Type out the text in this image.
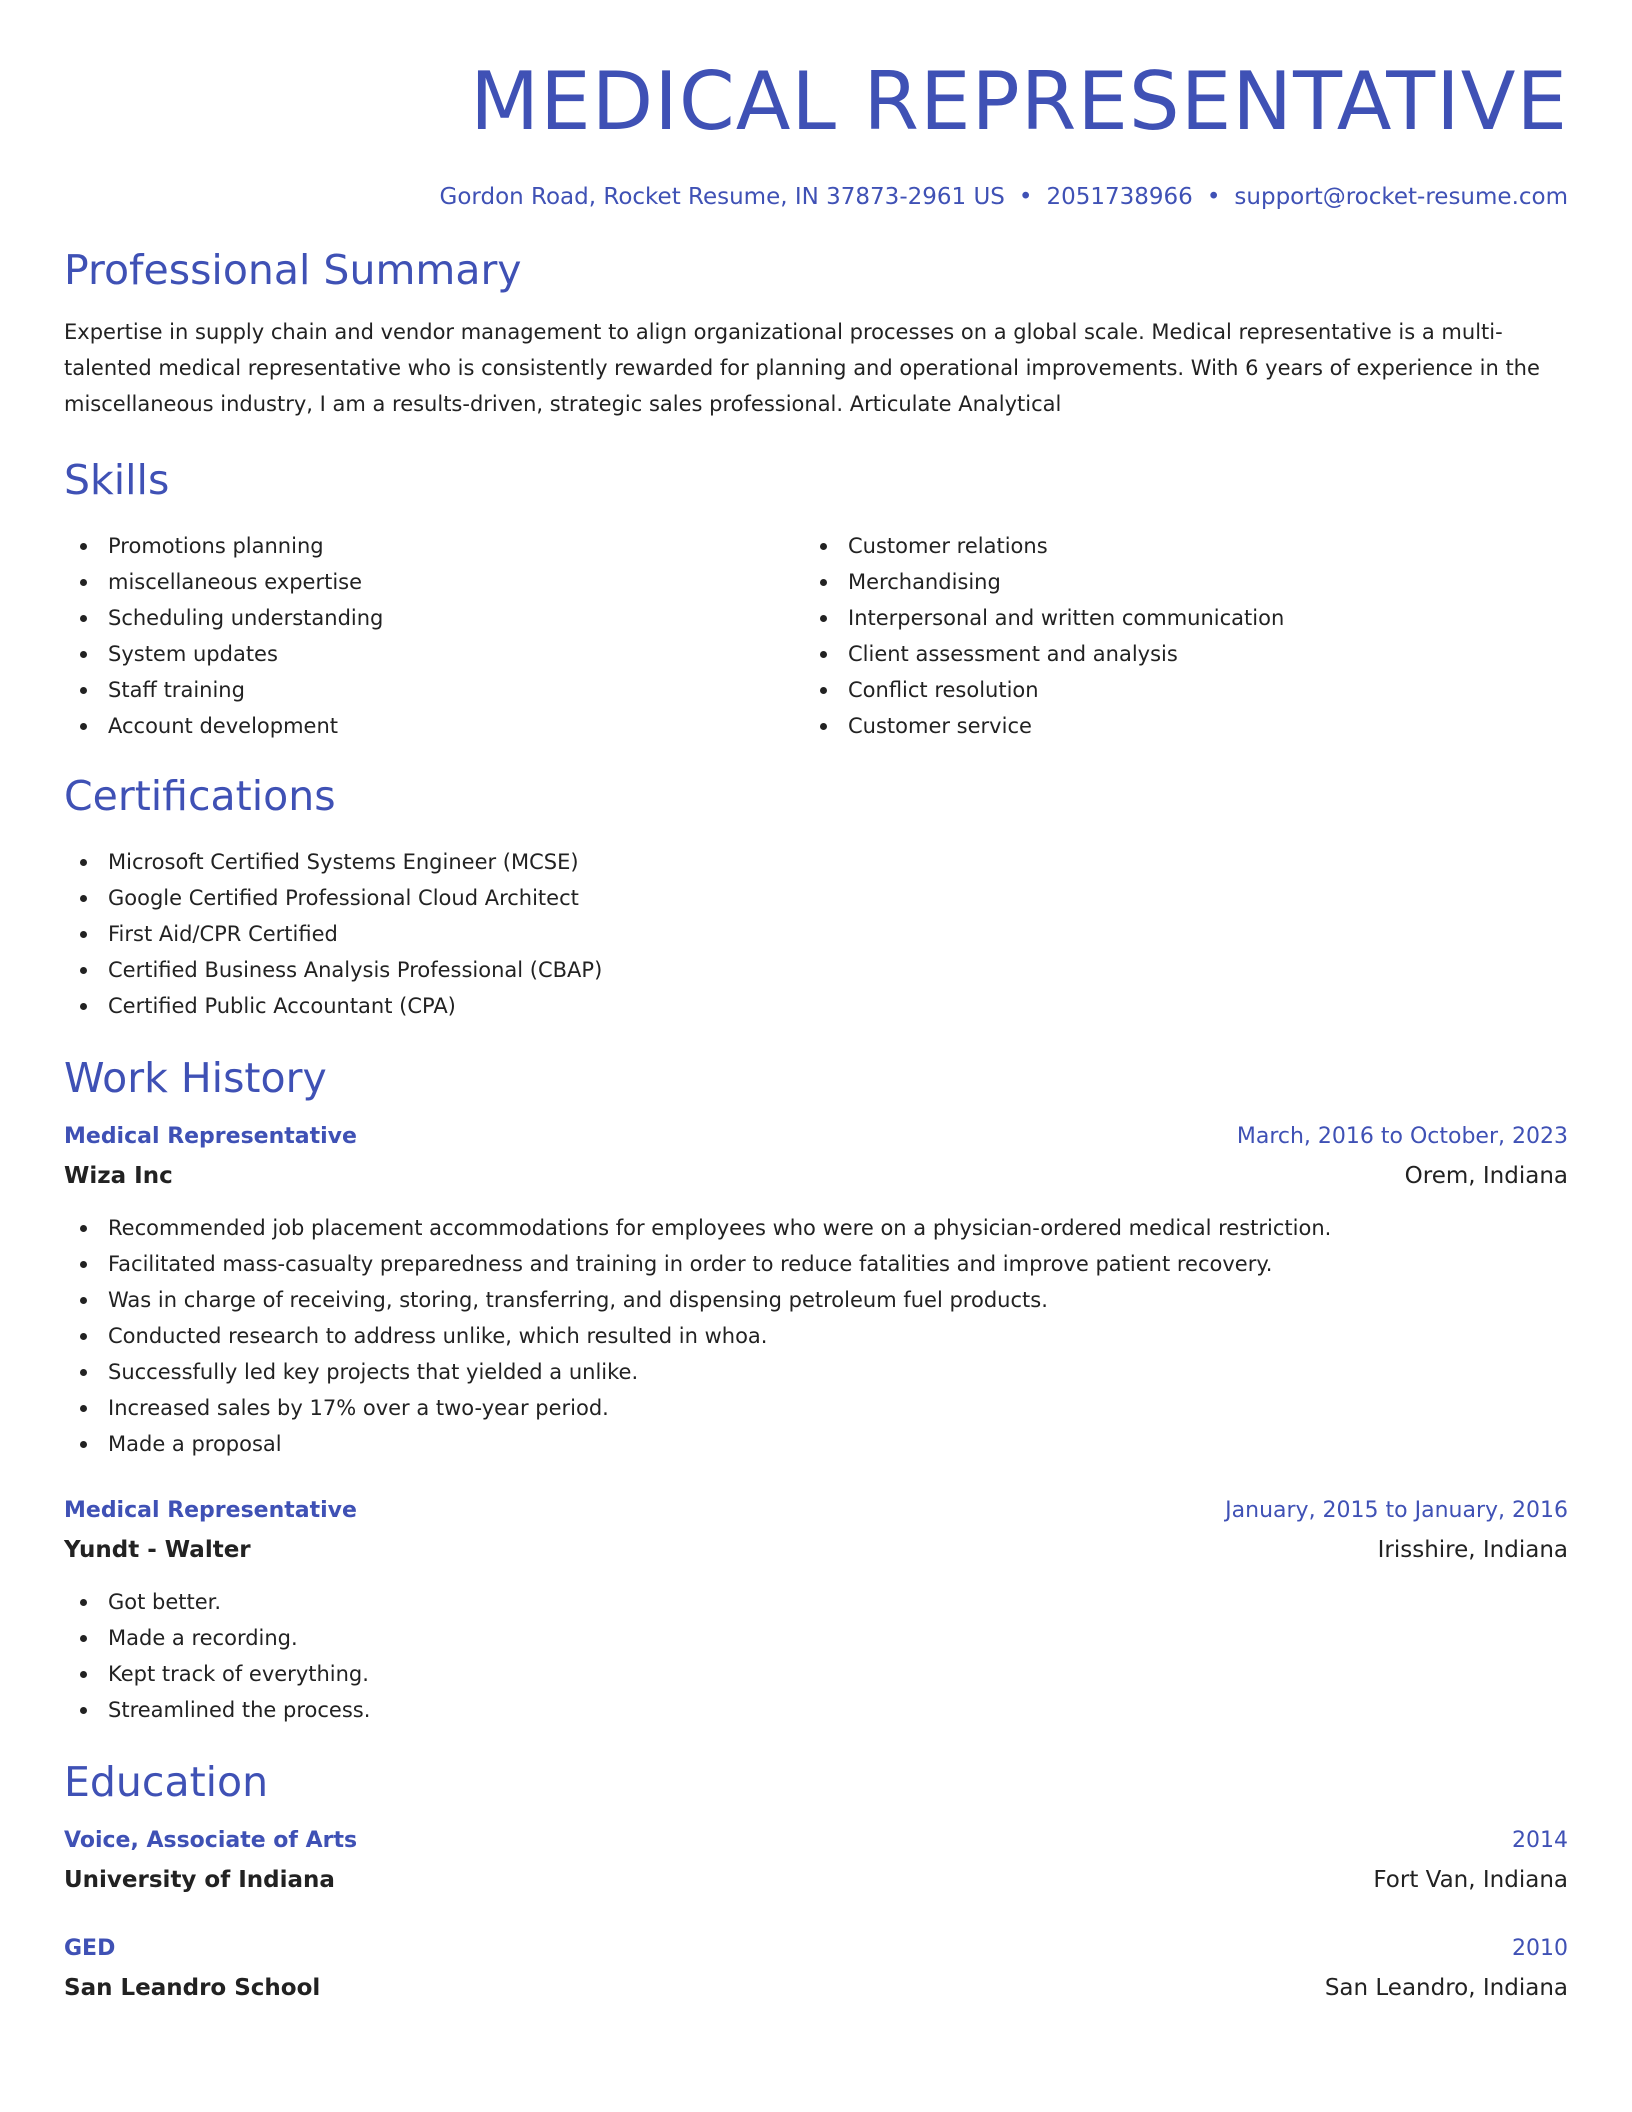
MEDICAL REPRESENTATIVE
Gordon Road, Rocket Resume, IN 37873-2961 US • 2051738966 • support@rocket-resume.com
Professional Summary

Expertise in supply chain and vendor management to align organizational processes on a global scale. Medical representative is a multi-talented medical representative who is consistently rewarded for planning and operational improvements. With 6 years of experience in the miscellaneous industry, I am a results-driven, strategic sales professional. Articulate Analytical

Skills
Promotions planning
miscellaneous expertise
Scheduling understanding
System updates
Staff training
Account development
Customer relations
Merchandising
Interpersonal and written communication
Client assessment and analysis
Conflict resolution
Customer service
Certifications
Microsoft Certified Systems Engineer (MCSE)
Google Certified Professional Cloud Architect
First Aid/CPR Certified
Certified Business Analysis Professional (CBAP)
Certified Public Accountant (CPA)
Work History
Medical Representative	March, 2016 to October, 2023
Wiza Inc	Orem, Indiana
Recommended job placement accommodations for employees who were on a physician-ordered medical restriction.
Facilitated mass-casualty preparedness and training in order to reduce fatalities and improve patient recovery.
Was in charge of receiving, storing, transferring, and dispensing petroleum fuel products.
Conducted research to address unlike, which resulted in whoa.
Successfully led key projects that yielded a unlike.
Increased sales by 17% over a two-year period.
Made a proposal
Medical Representative	January, 2015 to January, 2016
Yundt - Walter	Irisshire, Indiana
Got better.
Made a recording.
Kept track of everything.
Streamlined the process.
Education
Voice, Associate of Arts	2014
University of Indiana	Fort Van, Indiana
GED	2010
San Leandro School	San Leandro, Indiana
